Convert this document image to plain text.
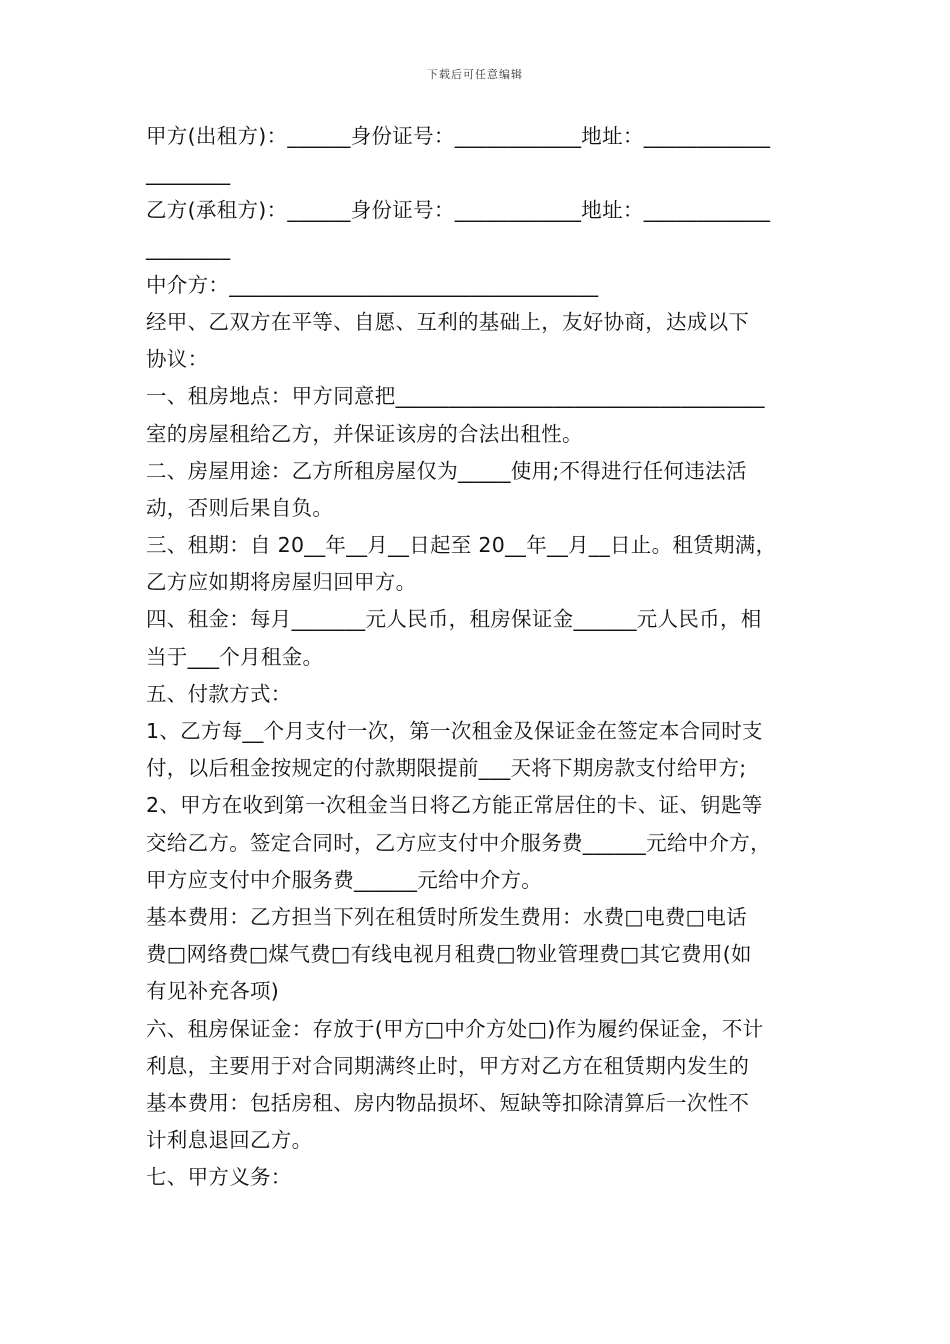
下载后可任意编辑
甲方(出租方)：______身份证号：____________地址：____________
________
乙方(承租方)：______身份证号：____________地址：____________
________
中介方：___________________________________
经甲、乙双方在平等、自愿、互利的基础上，友好协商，达成以下
协议：
一、租房地点：甲方同意把___________________________________
室的房屋租给乙方，并保证该房的合法出租性。
二、房屋用途：乙方所租房屋仅为_____使用;不得进行任何违法活
动，否则后果自负。
三、租期：自 20__年__月__日起至 20__年__月__日止。租赁期满，
乙方应如期将房屋归回甲方。
四、租金：每月_______元人民币，租房保证金______元人民币，相
当于___个月租金。
五、付款方式：
1、乙方每__个月支付一次，第一次租金及保证金在签定本合同时支
付，以后租金按规定的付款期限提前___天将下期房款支付给甲方;
2、甲方在收到第一次租金当日将乙方能正常居住的卡、证、钥匙等
交给乙方。签定合同时，乙方应支付中介服务费______元给中介方，
甲方应支付中介服务费______元给中介方。
基本费用：乙方担当下列在租赁时所发生费用：水费□电费□电话
费□网络费□煤气费□有线电视月租费□物业管理费□其它费用(如
有见补充各项)
六、租房保证金：存放于(甲方□中介方处□)作为履约保证金，不计
利息，主要用于对合同期满终止时，甲方对乙方在租赁期内发生的
基本费用：包括房租、房内物品损坏、短缺等扣除清算后一次性不
计利息退回乙方。
七、甲方义务：
